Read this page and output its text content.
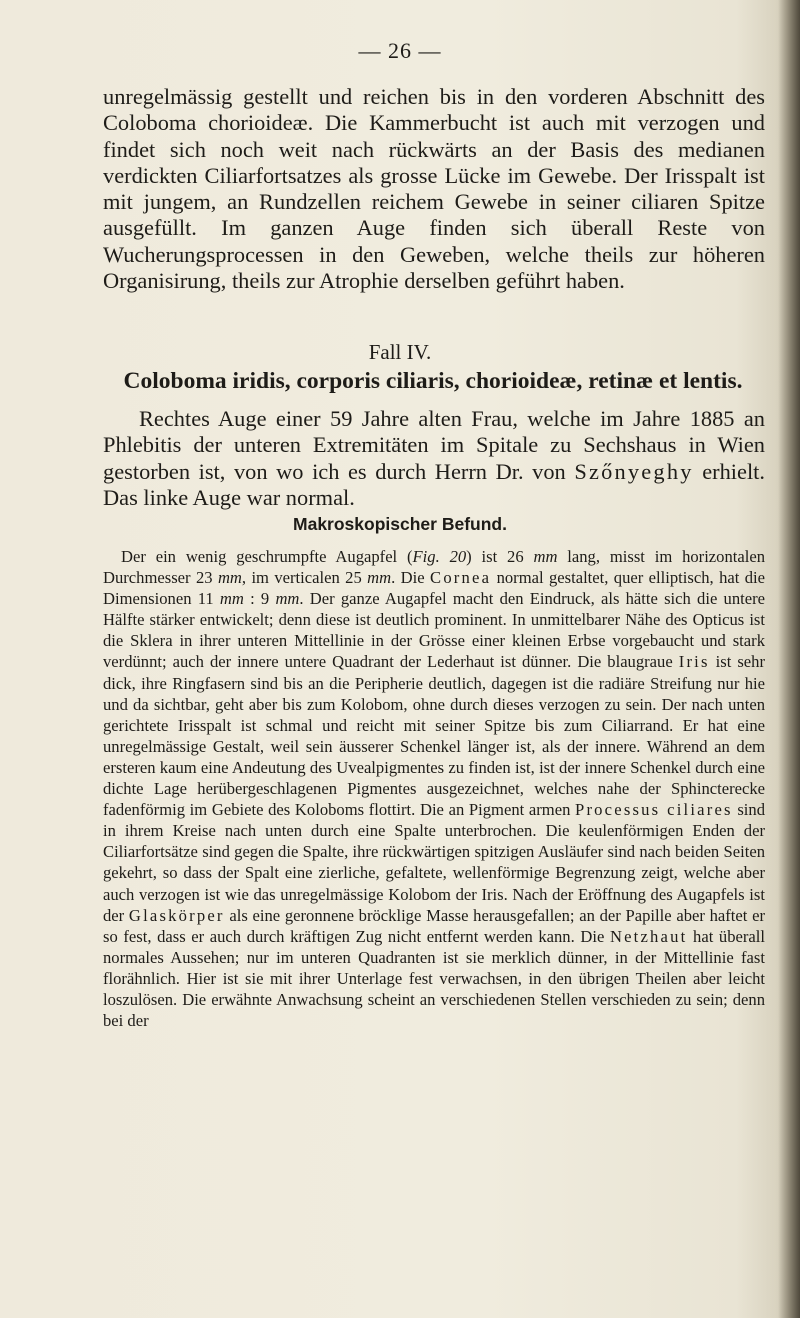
— 26 —

unregelmässig gestellt und reichen bis in den vorderen Abschnitt des Coloboma chorioideæ. Die Kammerbucht ist auch mit verzogen und findet sich noch weit nach rückwärts an der Basis des medianen verdickten Ciliarfortsatzes als grosse Lücke im Gewebe. Der Irisspalt ist mit jungem, an Rundzellen reichem Gewebe in seiner ciliaren Spitze ausgefüllt. Im ganzen Auge finden sich überall Reste von Wucherungsprocessen in den Geweben, welche theils zur höheren Organisirung, theils zur Atrophie derselben geführt haben.

Fall IV.
Coloboma iridis, corporis ciliaris, chorioideæ, retinæ et lentis.

Rechtes Auge einer 59 Jahre alten Frau, welche im Jahre 1885 an Phlebitis der unteren Extremitäten im Spitale zu Sechshaus in Wien gestorben ist, von wo ich es durch Herrn Dr. von Szőnyeghy erhielt. Das linke Auge war normal.

Makroskopischer Befund.

Der ein wenig geschrumpfte Augapfel (Fig. 20) ist 26 mm lang, misst im horizontalen Durchmesser 23 mm, im verticalen 25 mm. Die Cornea normal gestaltet, quer elliptisch, hat die Dimensionen 11 mm : 9 mm. Der ganze Augapfel macht den Eindruck, als hätte sich die untere Hälfte stärker entwickelt; denn diese ist deutlich prominent. In unmittelbarer Nähe des Opticus ist die Sklera in ihrer unteren Mittellinie in der Grösse einer kleinen Erbse vorgebaucht und stark verdünnt; auch der innere untere Quadrant der Lederhaut ist dünner. Die blaugraue Iris ist sehr dick, ihre Ringfasern sind bis an die Peripherie deutlich, dagegen ist die radiäre Streifung nur hie und da sichtbar, geht aber bis zum Kolobom, ohne durch dieses verzogen zu sein. Der nach unten gerichtete Irisspalt ist schmal und reicht mit seiner Spitze bis zum Ciliarrand. Er hat eine unregelmässige Gestalt, weil sein äusserer Schenkel länger ist, als der innere. Während an dem ersteren kaum eine Andeutung des Uvealpigmentes zu finden ist, ist der innere Schenkel durch eine dichte Lage herübergeschlagenen Pigmentes ausgezeichnet, welches nahe der Sphincterecke fadenförmig im Gebiete des Koloboms flottirt. Die an Pigment armen Processus ciliares sind in ihrem Kreise nach unten durch eine Spalte unterbrochen. Die keulenförmigen Enden der Ciliarfortsätze sind gegen die Spalte, ihre rückwärtigen spitzigen Ausläufer sind nach beiden Seiten gekehrt, so dass der Spalt eine zierliche, gefaltete, wellenförmige Begrenzung zeigt, welche aber auch verzogen ist wie das unregelmässige Kolobom der Iris. Nach der Eröffnung des Augapfels ist der Glaskörper als eine geronnene bröcklige Masse herausgefallen; an der Papille aber haftet er so fest, dass er auch durch kräftigen Zug nicht entfernt werden kann. Die Netzhaut hat überall normales Aussehen; nur im unteren Quadranten ist sie merklich dünner, in der Mittellinie fast florähnlich. Hier ist sie mit ihrer Unterlage fest verwachsen, in den übrigen Theilen aber leicht loszulösen. Die erwähnte Anwachsung scheint an verschiedenen Stellen verschieden zu sein; denn bei der
